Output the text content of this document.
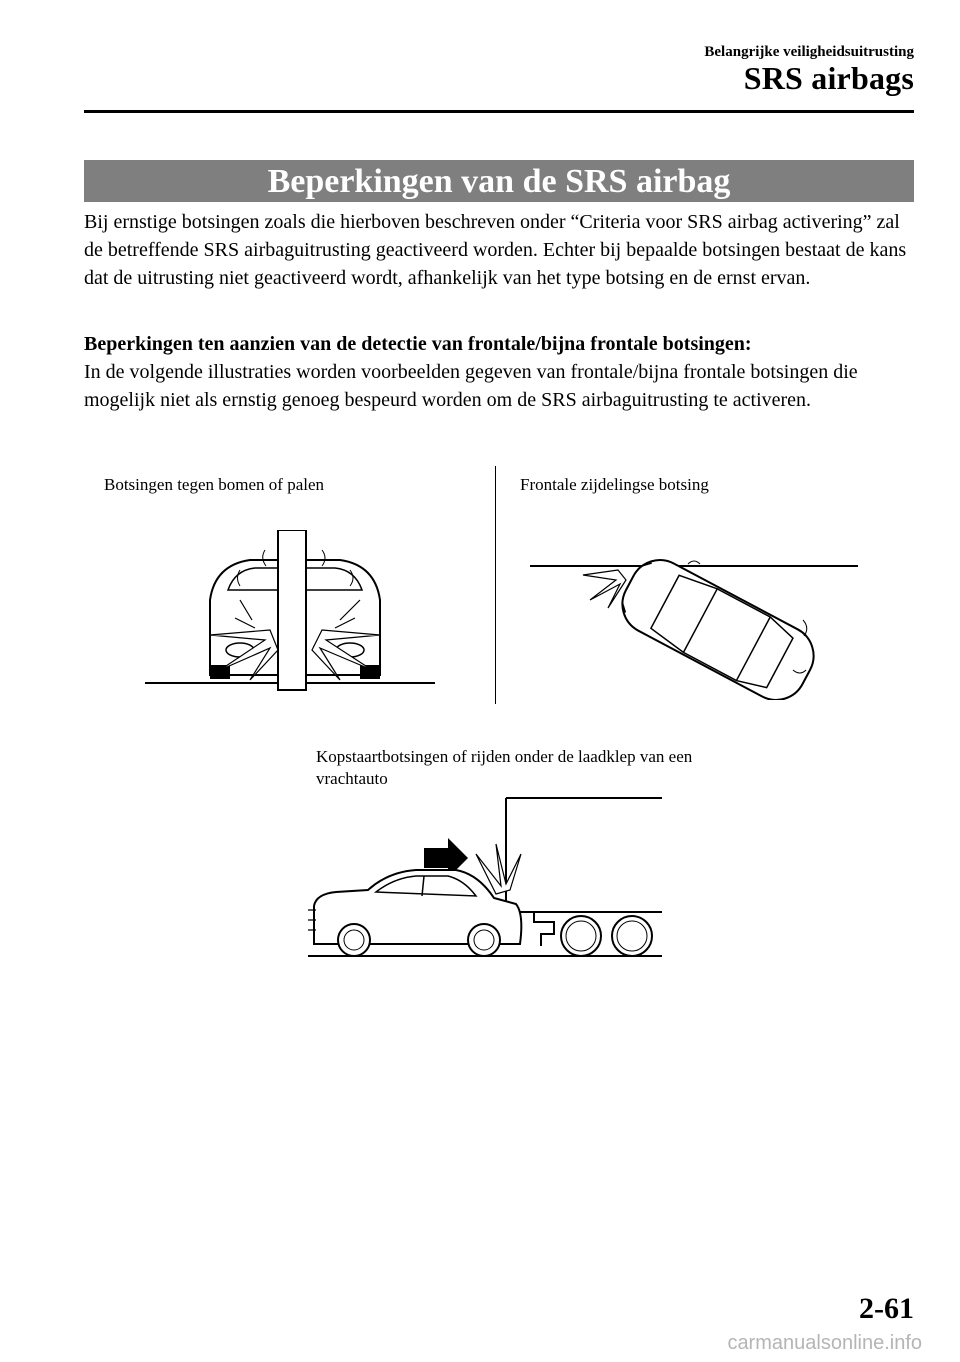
Belangrijke veiligheidsuitrusting
SRS airbags
Beperkingen van de SRS airbag

Bij ernstige botsingen zoals die hierboven beschreven onder “Criteria voor SRS airbag activering” zal de betreffende SRS airbaguitrusting geactiveerd worden. Echter bij bepaalde botsingen bestaat de kans dat de uitrusting niet geactiveerd wordt, afhankelijk van het type botsing en de ernst ervan.

Beperkingen ten aanzien van de detectie van frontale/bijna frontale botsingen:

In de volgende illustraties worden voorbeelden gegeven van frontale/bijna frontale botsingen die mogelijk niet als ernstig genoeg bespeurd worden om de SRS airbaguitrusting te activeren.

Botsingen tegen bomen of palen	Frontale zijdelingse botsing
Kopstaartbotsingen of rijden onder de laadklep van een vrachtauto
2-61
carmanualsonline.info
